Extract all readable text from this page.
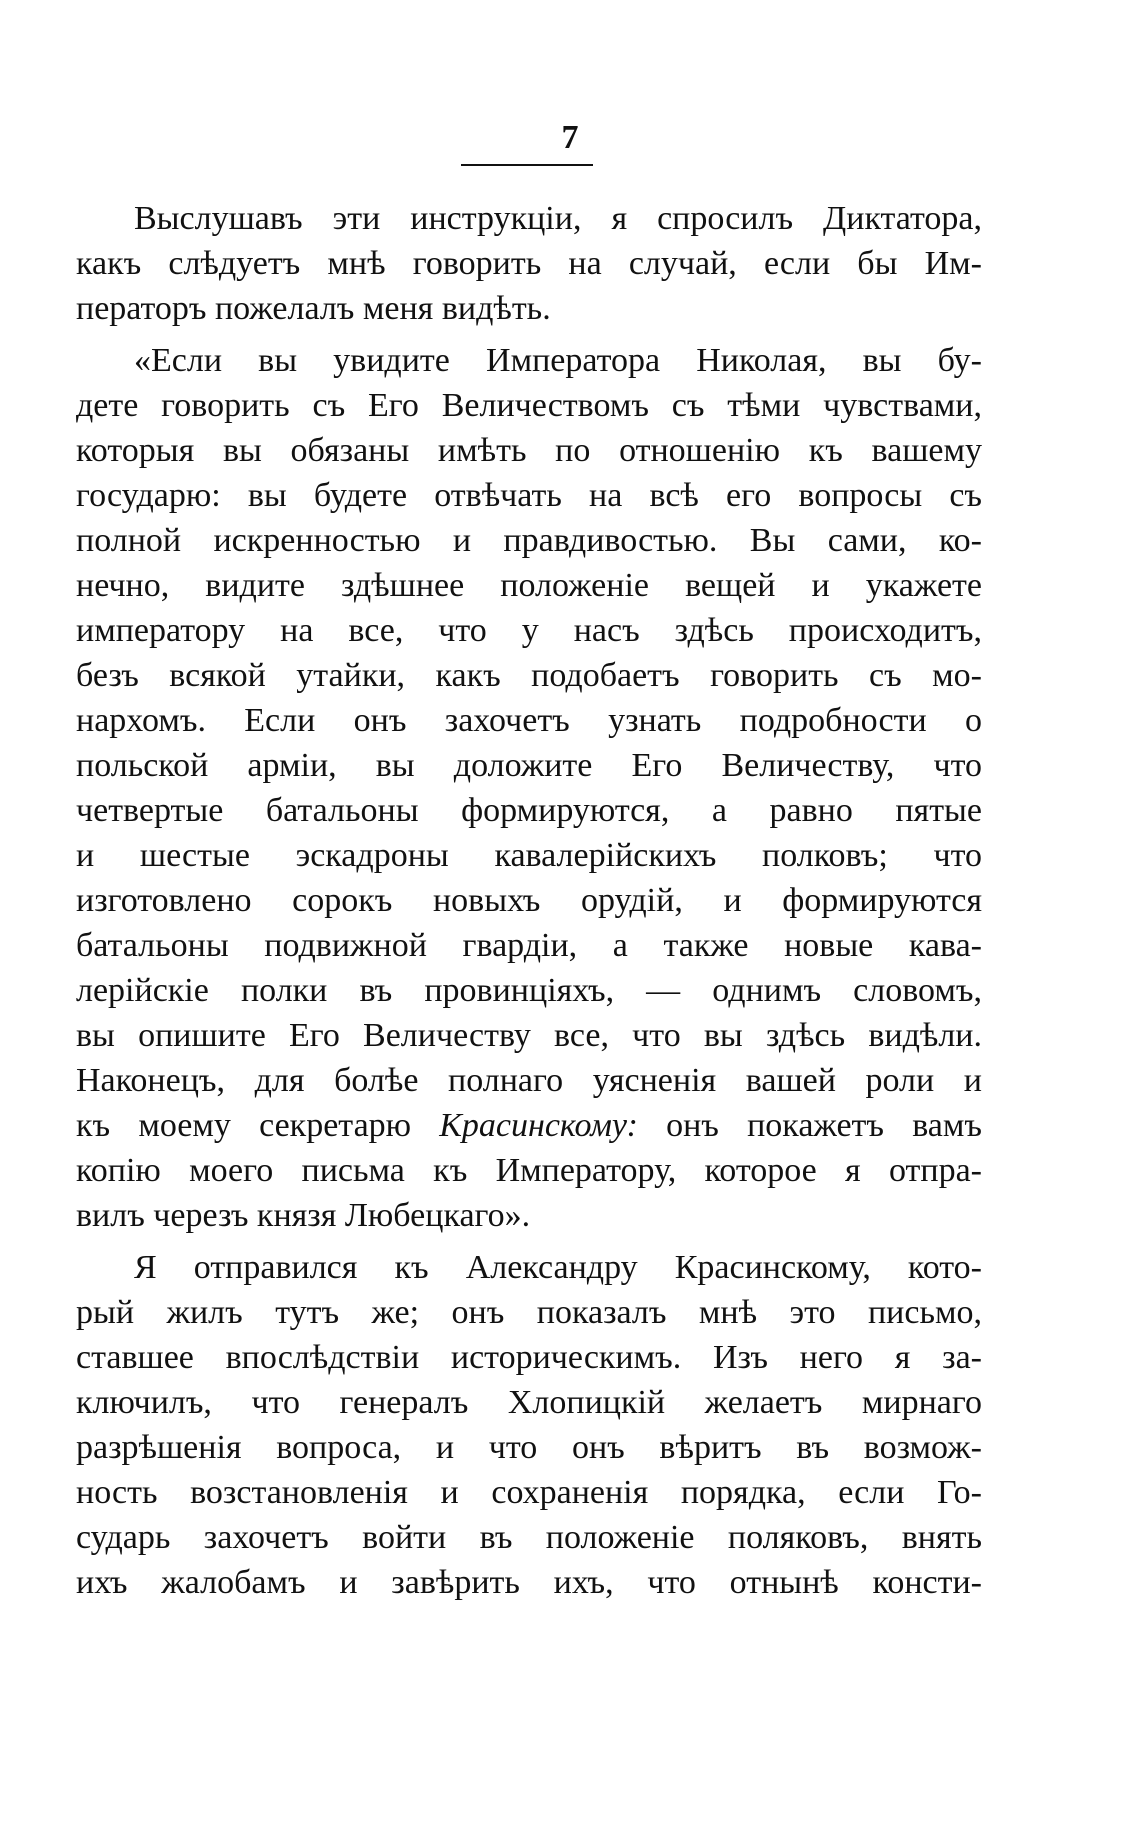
7
Выслушавъ эти инструкціи, я спросилъ Диктатора,
какъ слѣдуетъ мнѣ говорить на случай, если бы Им-
ператоръ пожелалъ меня видѣть.
«Если вы увидите Императора Николая, вы бу-
дете говорить съ Его Величествомъ съ тѣми чувствами,
которыя вы обязаны имѣть по отношенію къ вашему
государю: вы будете отвѣчать на всѣ его вопросы съ
полной искренностью и правдивостью. Вы сами, ко-
нечно, видите здѣшнее положеніе вещей и укажете
императору на все, что у насъ здѣсь происходитъ,
безъ всякой утайки, какъ подобаетъ говорить съ мо-
нархомъ. Если онъ захочетъ узнать подробности о
польской арміи, вы доложите Его Величеству, что
четвертые батальоны формируются, а равно пятые
и шестые эскадроны кавалерійскихъ полковъ; что
изготовлено сорокъ новыхъ орудій, и формируются
батальоны подвижной гвардіи, а также новые кава-
лерійскіе полки въ провинціяхъ, — однимъ словомъ,
вы опишите Его Величеству все, что вы здѣсь видѣли.
Наконецъ, для болѣе полнаго уясненія вашей роли и
къ моему секретарю Красинскому: онъ покажетъ вамъ
копію моего письма къ Императору, которое я отпра-
вилъ черезъ князя Любецкаго».
Я отправился къ Александру Красинскому, кото-
рый жилъ тутъ же; онъ показалъ мнѣ это письмо,
ставшее впослѣдствіи историческимъ. Изъ него я за-
ключилъ, что генералъ Хлопицкій желаетъ мирнаго
разрѣшенія вопроса, и что онъ вѣритъ въ возмож-
ность возстановленія и сохраненія порядка, если Го-
сударь захочетъ войти въ положеніе поляковъ, внять
ихъ жалобамъ и завѣрить ихъ, что отнынѣ консти-
